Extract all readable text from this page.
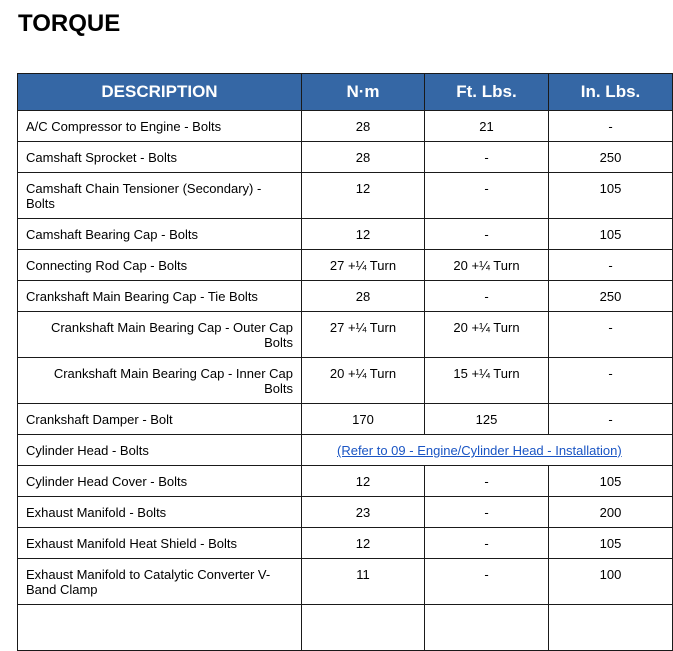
TORQUE
DESCRIPTION	N·m	Ft. Lbs.	In. Lbs.
A/C Compressor to Engine - Bolts	28	21	-
Camshaft Sprocket - Bolts	28	-	250
Camshaft Chain Tensioner (Secondary) - Bolts	12	-	105
Camshaft Bearing Cap - Bolts	12	-	105
Connecting Rod Cap - Bolts	27 +¼ Turn	20 +¼ Turn	-
Crankshaft Main Bearing Cap - Tie Bolts	28	-	250
Crankshaft Main Bearing Cap - Outer Cap Bolts	27 +¼ Turn	20 +¼ Turn	-
Crankshaft Main Bearing Cap - Inner Cap Bolts	20 +¼ Turn	15 +¼ Turn	-
Crankshaft Damper - Bolt	170	125	-
Cylinder Head - Bolts	(Refer to 09 - Engine/Cylinder Head - Installation)		
Cylinder Head Cover - Bolts	12	-	105
Exhaust Manifold - Bolts	23	-	200
Exhaust Manifold Heat Shield - Bolts	12	-	105
Exhaust Manifold to Catalytic Converter V-Band Clamp	11	-	100
